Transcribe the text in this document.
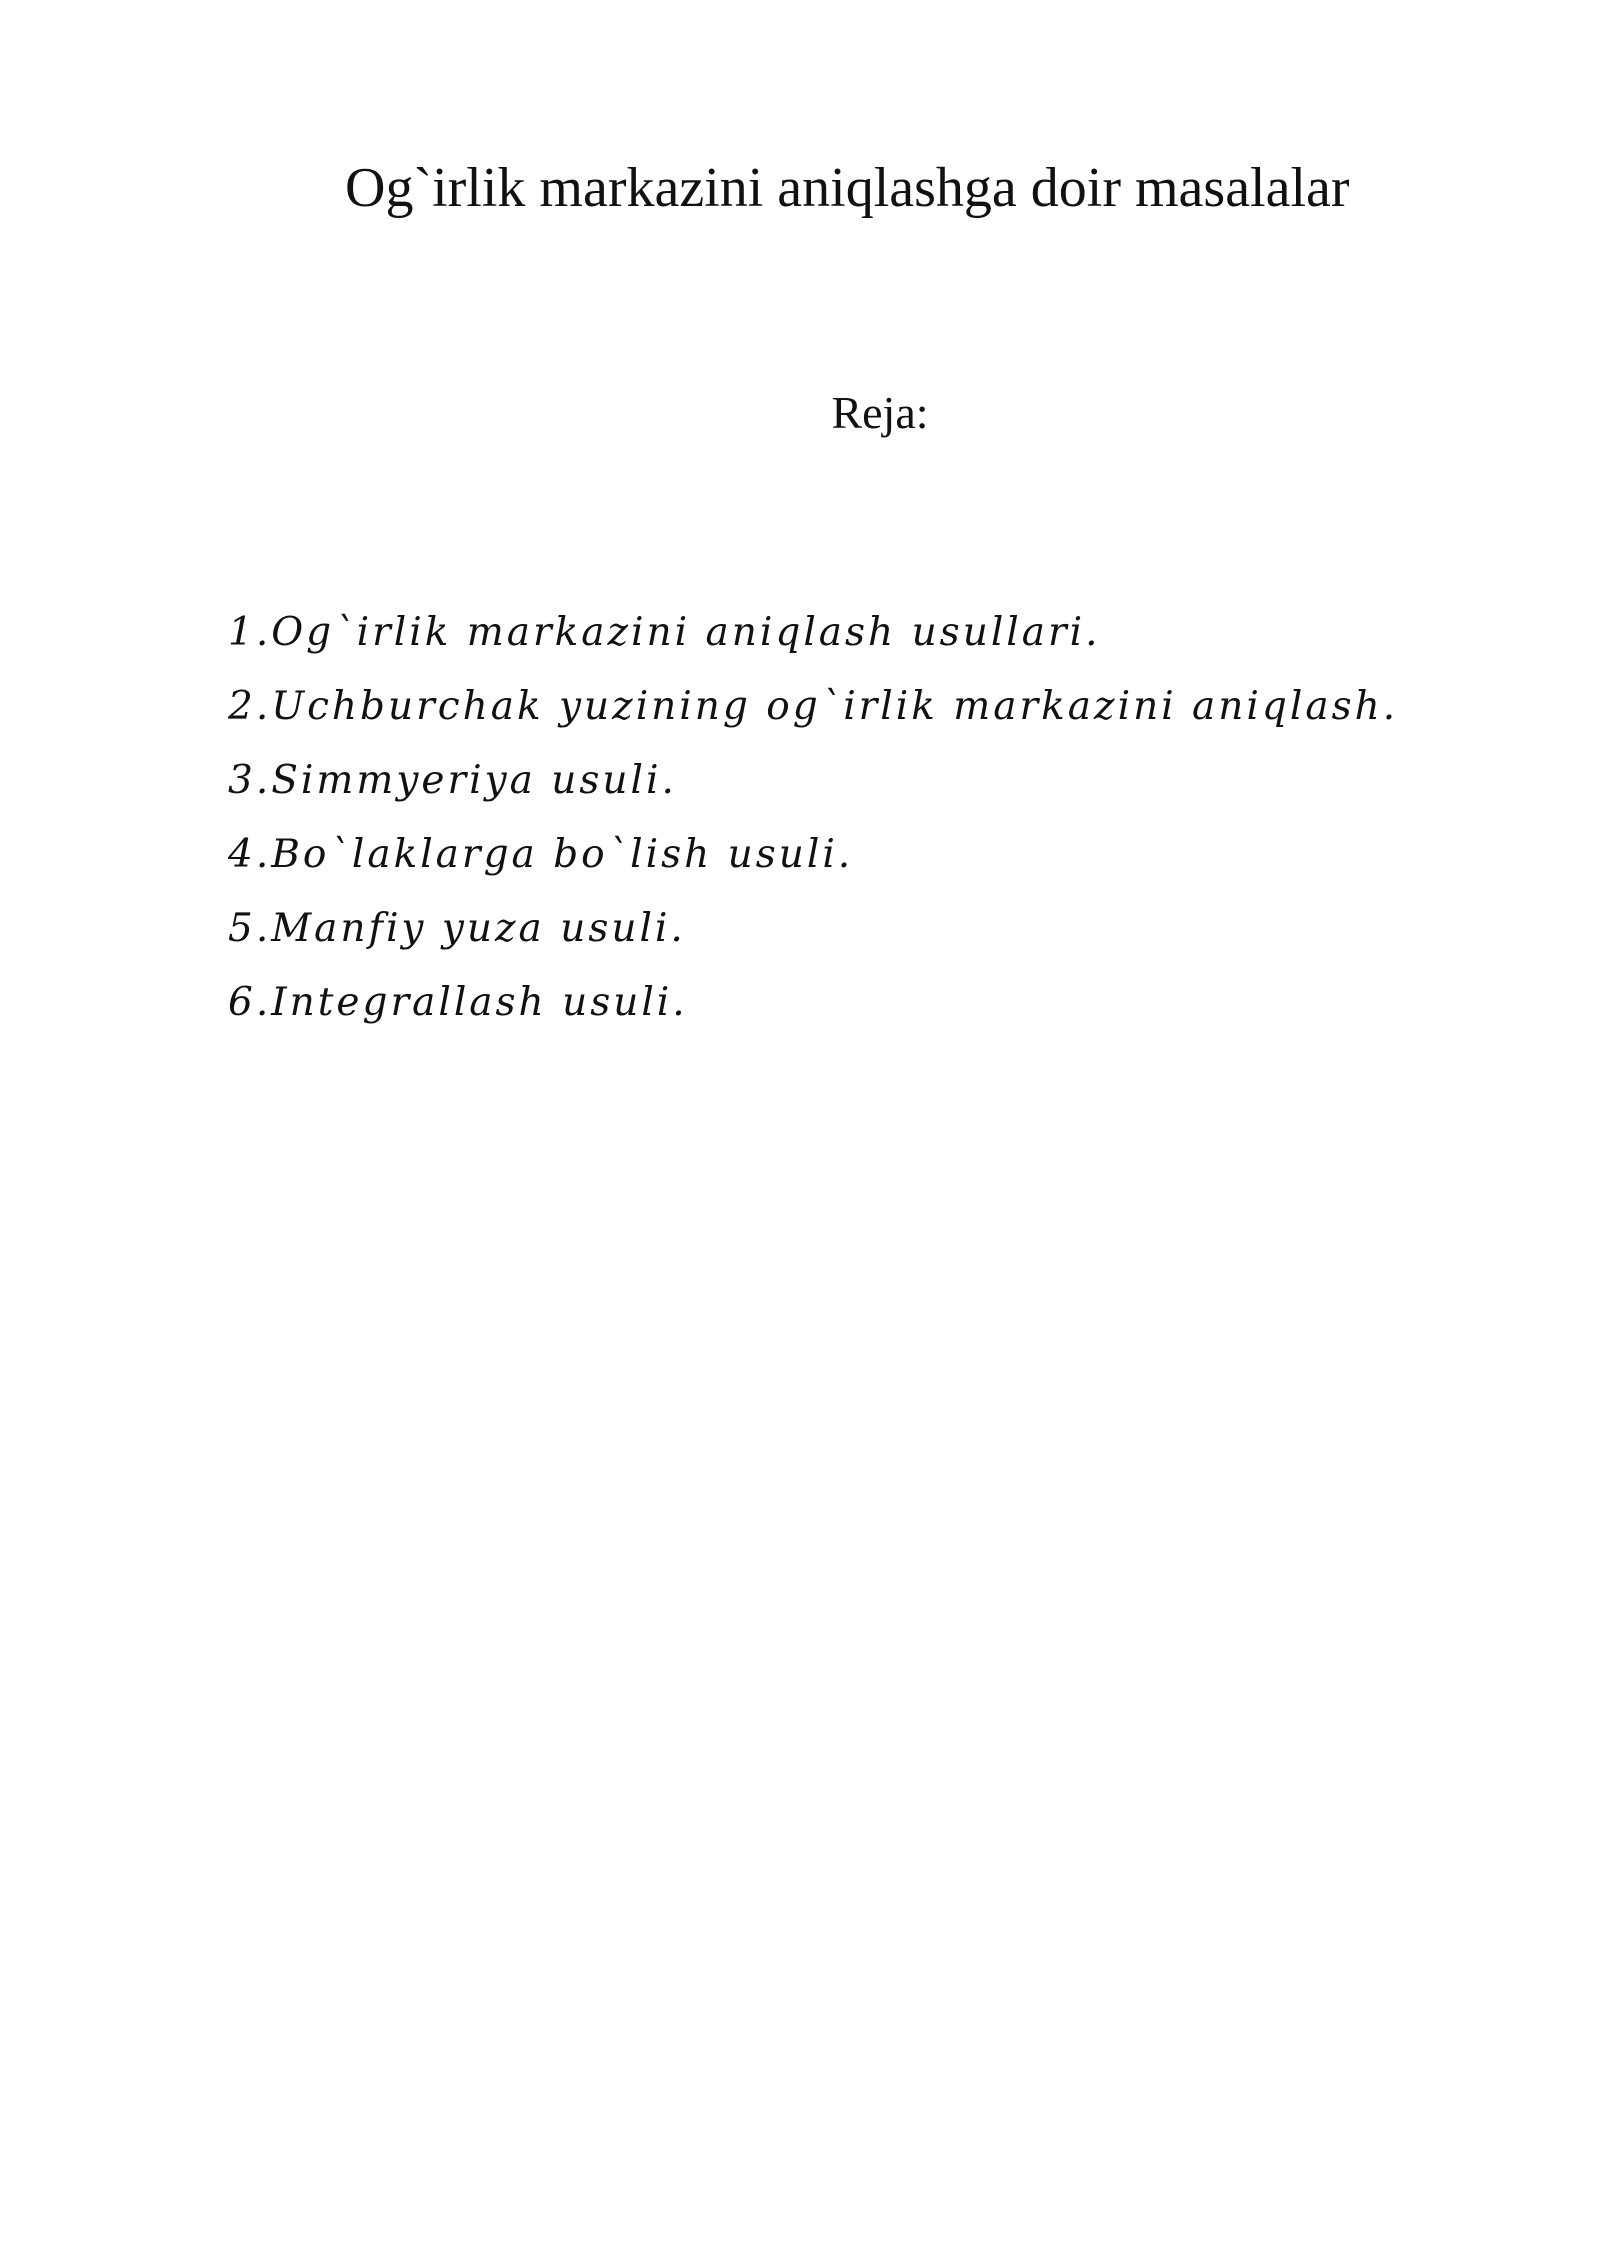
Og`irlik markazini aniqlashga doir masalalar
Reja:
1.Og`irlik markazini aniqlash usullari.
2.Uchburchak yuzining og`irlik markazini aniqlash.
3.Simmyeriya usuli.
4.Bo`laklarga bo`lish usuli.
5.Manfiy yuza usuli.
6.Integrallash usuli.
